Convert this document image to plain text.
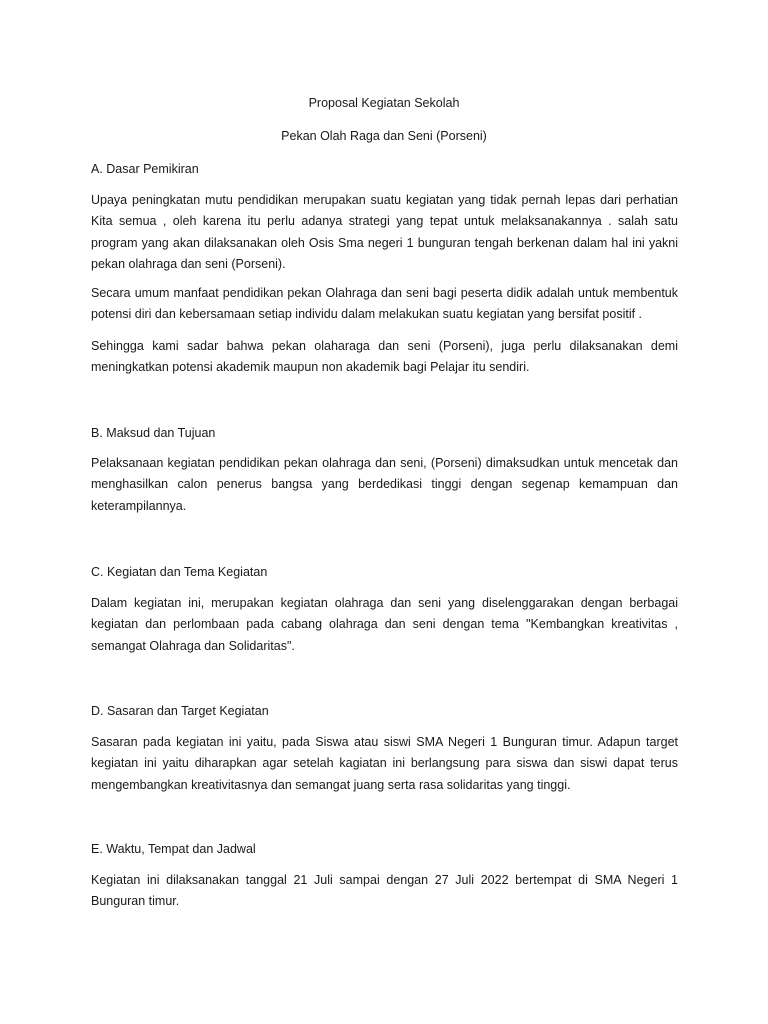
Proposal Kegiatan Sekolah
Pekan Olah Raga dan Seni (Porseni)
A. Dasar Pemikiran
Upaya peningkatan mutu pendidikan merupakan suatu kegiatan yang tidak pernah lepas dari perhatian Kita semua , oleh karena itu perlu adanya strategi yang tepat untuk melaksanakannya . salah satu program yang akan dilaksanakan oleh Osis Sma negeri 1 bunguran tengah berkenan dalam hal ini yakni pekan olahraga dan seni (Porseni).
Secara umum manfaat pendidikan pekan Olahraga dan seni bagi peserta didik adalah untuk membentuk potensi diri dan kebersamaan setiap individu dalam melakukan suatu kegiatan yang bersifat positif .
Sehingga kami sadar bahwa pekan olaharaga dan seni (Porseni), juga perlu dilaksanakan demi meningkatkan potensi akademik maupun non akademik bagi Pelajar itu sendiri.
B. Maksud dan Tujuan
Pelaksanaan kegiatan pendidikan pekan olahraga dan seni, (Porseni) dimaksudkan untuk mencetak dan menghasilkan calon penerus bangsa yang berdedikasi tinggi dengan segenap kemampuan dan keterampilannya.
C. Kegiatan dan Tema Kegiatan
Dalam kegiatan ini, merupakan kegiatan olahraga dan seni yang diselenggarakan dengan berbagai kegiatan dan perlombaan pada cabang olahraga dan seni dengan tema "Kembangkan kreativitas , semangat Olahraga dan Solidaritas".
D. Sasaran dan Target Kegiatan
Sasaran pada kegiatan ini yaitu, pada Siswa atau siswi SMA Negeri 1 Bunguran timur. Adapun target kegiatan ini yaitu diharapkan agar setelah kagiatan ini berlangsung para siswa dan siswi dapat terus mengembangkan kreativitasnya dan semangat juang serta rasa solidaritas yang tinggi.
E. Waktu, Tempat dan Jadwal
Kegiatan ini dilaksanakan tanggal 21 Juli sampai dengan 27 Juli 2022 bertempat di SMA Negeri 1 Bunguran timur.
